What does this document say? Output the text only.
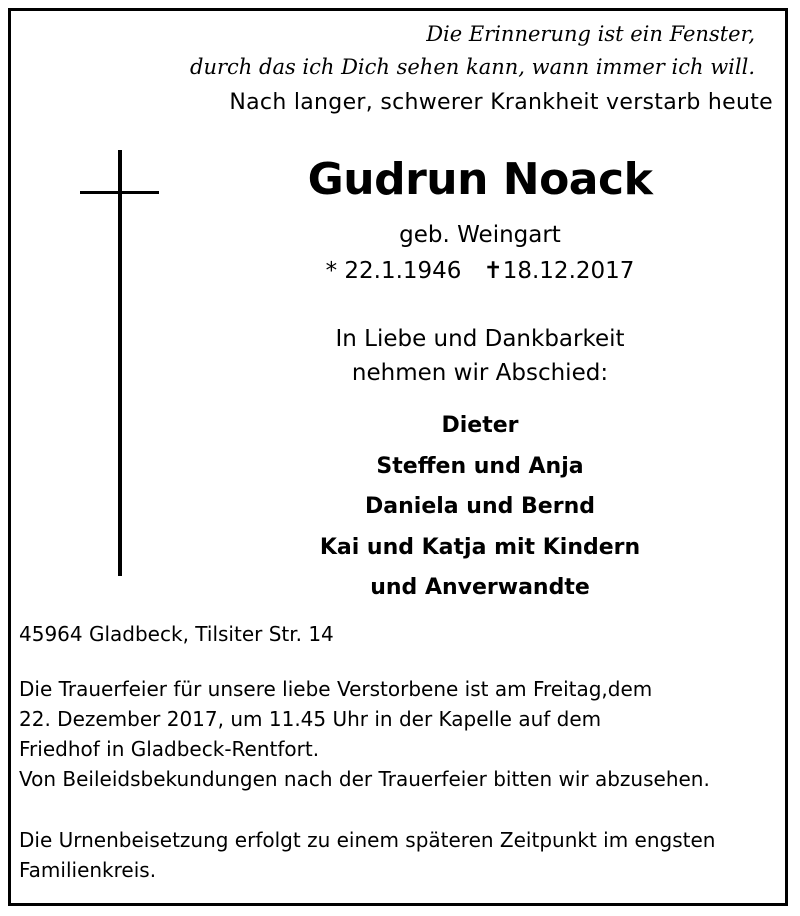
Die Erinnerung ist ein Fenster,
durch das ich Dich sehen kann, wann immer ich will.
Nach langer, schwerer Krankheit verstarb heute
Gudrun Noack
geb. Weingart
* 22.1.1946 ✝18.12.2017
In Liebe und Dankbarkeit
nehmen wir Abschied:
Dieter
Steffen und Anja
Daniela und Bernd
Kai und Katja mit Kindern
und Anverwandte
45964 Gladbeck, Tilsiter Str. 14
Die Trauerfeier für unsere liebe Verstorbene ist am Freitag,dem
22. Dezember 2017, um 11.45 Uhr in der Kapelle auf dem
Friedhof in Gladbeck-Rentfort.
Von Beileidsbekundungen nach der Trauerfeier bitten wir abzusehen.
Die Urnenbeisetzung erfolgt zu einem späteren Zeitpunkt im engsten
Familienkreis.
